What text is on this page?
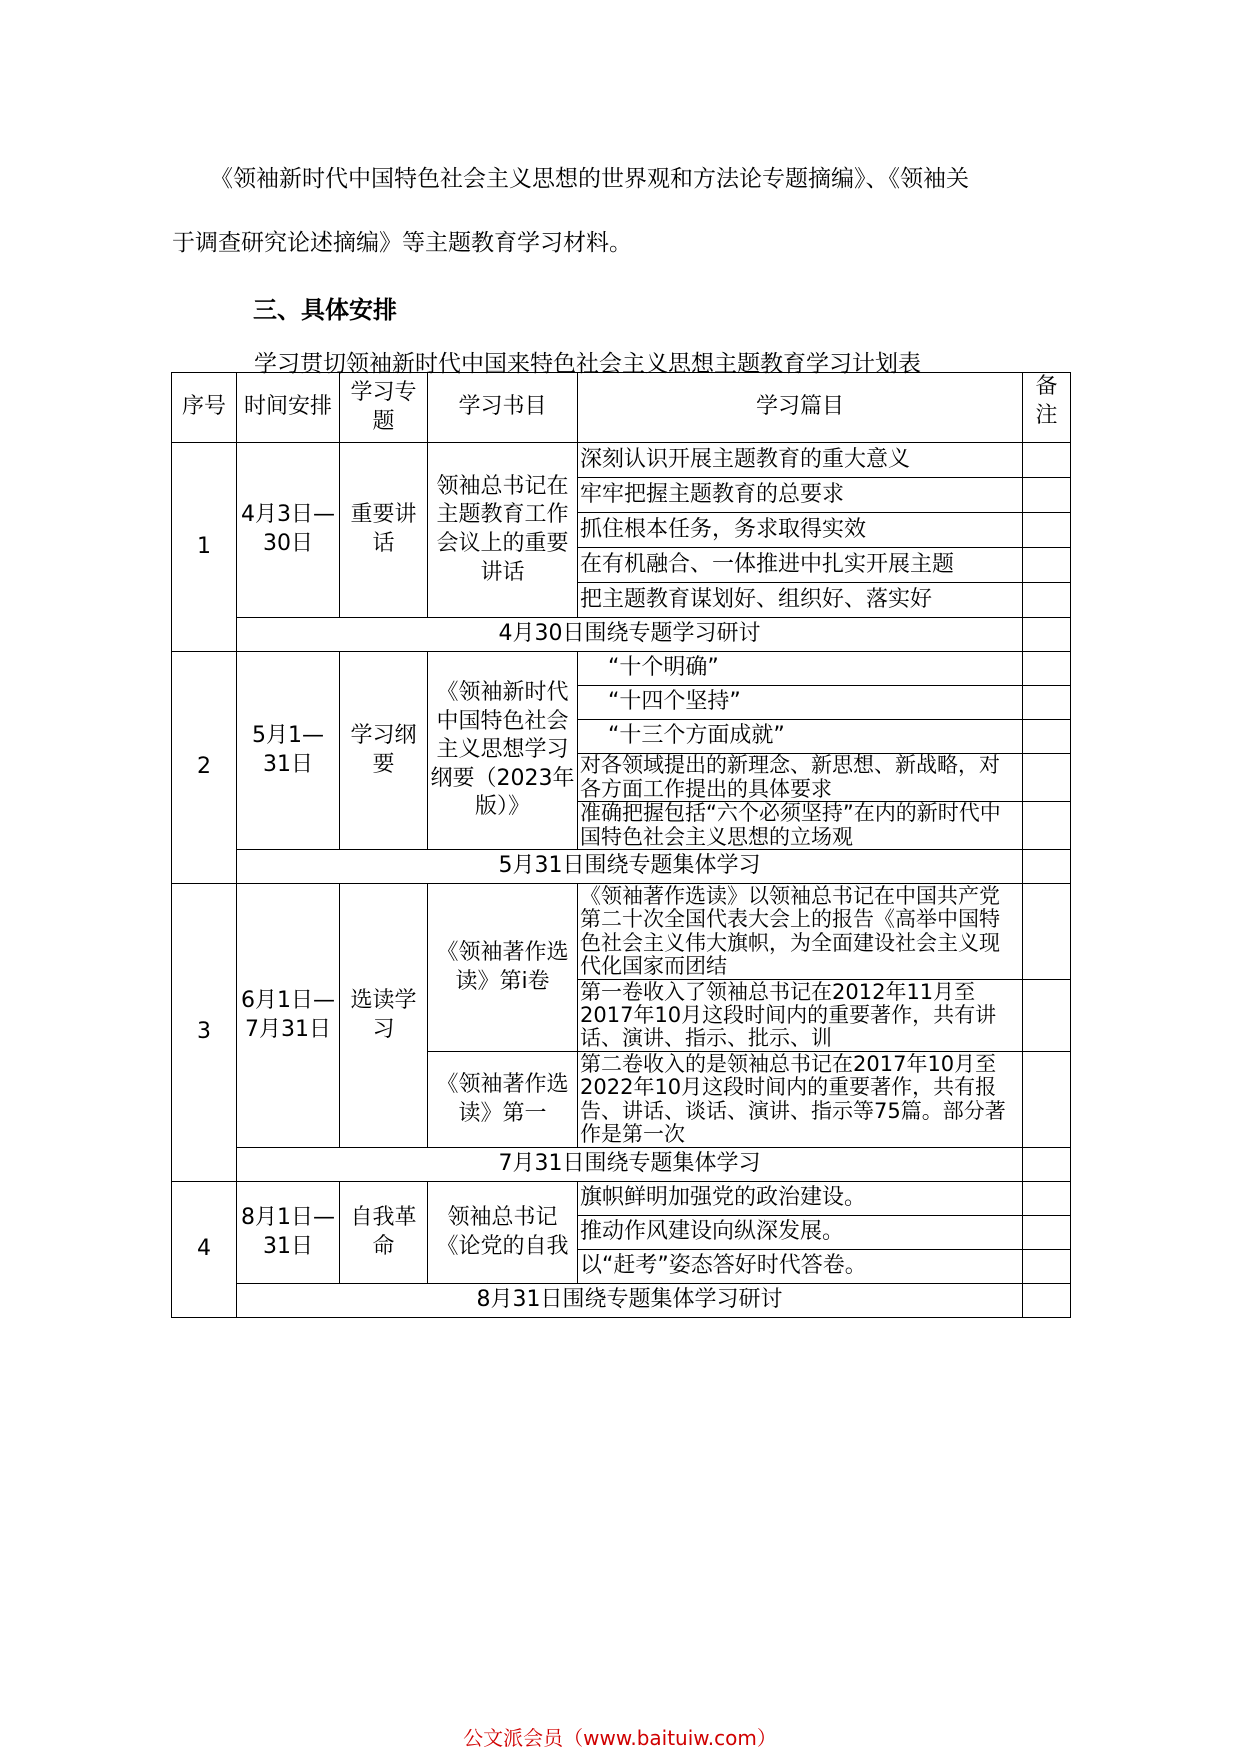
《领袖新时代中国特色社会主义思想的世界观和方法论专题摘编》、《领袖关
于调查研究论述摘编》等主题教育学习材料。
三、具体安排
学习贯切领袖新时代中国来特色社会主义思想主题教育学习计划表
序号	时间安排	学习专题	学习书目	学习篇目	备注
1	4月3日—30日	重要讲话	领袖总书记在主题教育工作会议上的重要讲话	深刻认识开展主题教育的重大意义	
				牢牢把握主题教育的总要求	
				抓住根本任务，务求取得实效	
				在有机融合、一体推进中扎实开展主题	
				把主题教育谋划好、组织好、落实好	
	4月30日围绕专题学习研讨				
2	5月1—31日	学习纲要	《领袖新时代中国特色社会主义思想学习纲要（2023年版）》	“十个明确”	
				“十四个坚持”	
				“十三个方面成就”	
				对各领域提出的新理念、新思想、新战略，对各方面工作提出的具体要求	
				准确把握包括“六个必须坚持”在内的新时代中国特色社会主义思想的立场观	
	5月31日围绕专题集体学习				
3	6月1日—7月31日	选读学习	《领袖著作选读》第i卷	《领袖著作选读》以领袖总书记在中国共产党第二十次全国代表大会上的报告《高举中国特色社会主义伟大旗帜，为全面建设社会主义现代化国家而团结	
				第一卷收入了领袖总书记在2012年11月至2017年10月这段时间内的重要著作，共有讲话、演讲、指示、批示、训	
			《领袖著作选读》第一	第二卷收入的是领袖总书记在2017年10月至2022年10月这段时间内的重要著作，共有报告、讲话、谈话、演讲、指示等75篇。部分著作是第一次	
	7月31日围绕专题集体学习				
4	8月1日—31日	自我革命	领袖总书记《论党的自我	旗帜鲜明加强党的政治建设。	
				推动作风建设向纵深发展。	
				以“赶考”姿态答好时代答卷。	
	8月31日围绕专题集体学习研讨				
公文派会员（www.baituiw.com）
